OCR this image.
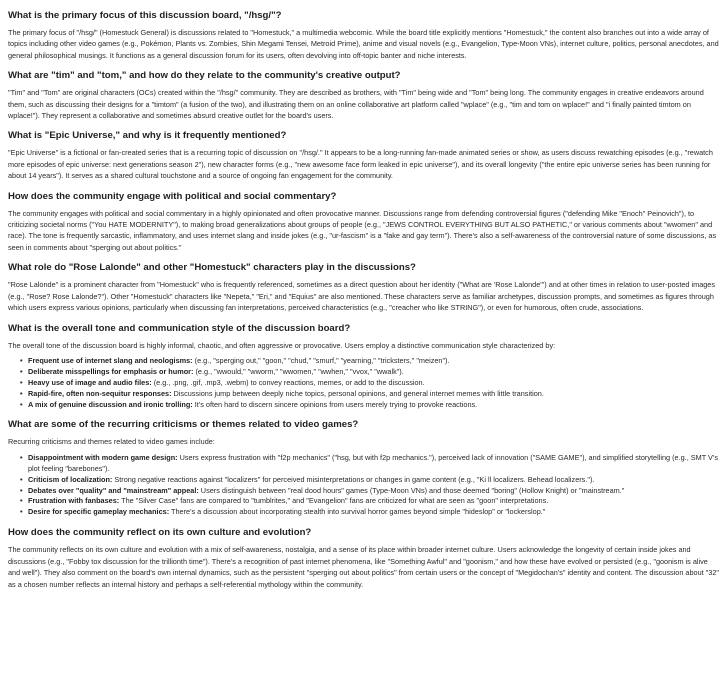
What is the primary focus of this discussion board, "/hsg/"?

The primary focus of "/hsg/" (Homestuck General) is discussions related to "Homestuck," a multimedia webcomic. While the board title explicitly mentions "Homestuck," the content also branches out into a wide array of topics including other video games (e.g., Pokémon, Plants vs. Zombies, Shin Megami Tensei, Metroid Prime), anime and visual novels (e.g., Evangelion, Type-Moon VNs), internet culture, politics, personal anecdotes, and general philosophical musings. It functions as a general discussion forum for its users, often devolving into off-topic banter and niche interests.

What are "tim" and "tom," and how do they relate to the community's creative output?

"Tim" and "Tom" are original characters (OCs) created within the "/hsg/" community. They are described as brothers, with "Tim" being wide and "Tom" being long. The community engages in creative endeavors around them, such as discussing their designs for a "timtom" (a fusion of the two), and illustrating them on an online collaborative art platform called "wplace" (e.g., "tim and tom on wplace!" and "i finally painted timtom on wplace!"). They represent a collaborative and sometimes absurd creative outlet for the board's users.

What is "Epic Universe," and why is it frequently mentioned?

"Epic Universe" is a fictional or fan-created series that is a recurring topic of discussion on "/hsg/." It appears to be a long-running fan-made animated series or show, as users discuss rewatching episodes (e.g., "rewatch more episodes of epic universe: next generations season 2"), new character forms (e.g., "new awesome face form leaked in epic universe"), and its overall longevity ("the entire epic universe series has been running for about 14 years"). It serves as a shared cultural touchstone and a source of ongoing fan engagement for the community.

How does the community engage with political and social commentary?

The community engages with political and social commentary in a highly opinionated and often provocative manner. Discussions range from defending controversial figures ("defending Mike "Enoch" Peinovich"), to criticizing societal norms ("You HATE MODERNITY"), to making broad generalizations about groups of people (e.g., "JEWS CONTROL EVERYTHING BUT ALSO PATHETIC," or various comments about "wwomen" and race). The tone is frequently sarcastic, inflammatory, and uses internet slang and inside jokes (e.g., "ur-fascism" is a "fake and gay term"). There's also a self-awareness of the controversial nature of some discussions, as seen in comments about "sperging out about politics."

What role do "Rose Lalonde" and other "Homestuck" characters play in the discussions?

"Rose Lalonde" is a prominent character from "Homestuck" who is frequently referenced, sometimes as a direct question about her identity ("What are 'Rose Lalonde'") and at other times in relation to user-posted images (e.g., "Rose? Rose Lalonde?"). Other "Homestuck" characters like "Nepeta," "Eri," and "Equius" are also mentioned. These characters serve as familiar archetypes, discussion prompts, and sometimes as figures through which users express various opinions, particularly when discussing fan interpretations, perceived characteristics (e.g., "creacher who like STRING"), or even for humorous, often crude, associations.

What is the overall tone and communication style of the discussion board?

The overall tone of the discussion board is highly informal, chaotic, and often aggressive or provocative. Users employ a distinctive communication style characterized by:

• Frequent use of internet slang and neologisms: (e.g., "sperging out," "goon," "chud," "smurf," "yearning," "tricksters," "meizen").
• Deliberate misspellings for emphasis or humor: (e.g., "wwould," "wworm," "wwomen," "wwhen," "vvox," "wwalk").
• Heavy use of image and audio files: (e.g., .png, .gif, .mp3, .webm) to convey reactions, memes, or add to the discussion.
• Rapid-fire, often non-sequitur responses: Discussions jump between deeply niche topics, personal opinions, and general internet memes with little transition.
• A mix of genuine discussion and ironic trolling: It's often hard to discern sincere opinions from users merely trying to provoke reactions.
What are some of the recurring criticisms or themes related to video games?

Recurring criticisms and themes related to video games include:

• Disappointment with modern game design: Users express frustration with "f2p mechanics" ("hsg, but with f2p mechanics."), perceived lack of innovation ("SAME GAME"), and simplified storytelling (e.g., SMT V's plot feeling "barebones").
• Criticism of localization: Strong negative reactions against "localizers" for perceived misinterpretations or changes in game content (e.g., "Ki ll localizers. Behead localizers.").
• Debates over "quality" and "mainstream" appeal: Users distinguish between "real dood hours" games (Type-Moon VNs) and those deemed "boring" (Hollow Knight) or "mainstream."
• Frustration with fanbases: The "Silver Case" fans are compared to "tumblrites," and "Evangelion" fans are criticized for what are seen as "goon" interpretations.
• Desire for specific gameplay mechanics: There's a discussion about incorporating stealth into survival horror games beyond simple "hideslop" or "lockerslop."
How does the community reflect on its own culture and evolution?

The community reflects on its own culture and evolution with a mix of self-awareness, nostalgia, and a sense of its place within broader internet culture. Users acknowledge the longevity of certain inside jokes and discussions (e.g., "Fobby tox discussion for the trillionth time"). There's a recognition of past internet phenomena, like "Something Awful" and "goonism," and how these have evolved or persisted (e.g., "goonism is alive and well"). They also comment on the board's own internal dynamics, such as the persistent "sperging out about politics" from certain users or the concept of "Megidochan's" identity and content. The discussion about "32" as a chosen number reflects an internal history and perhaps a self-referential mythology within the community.
